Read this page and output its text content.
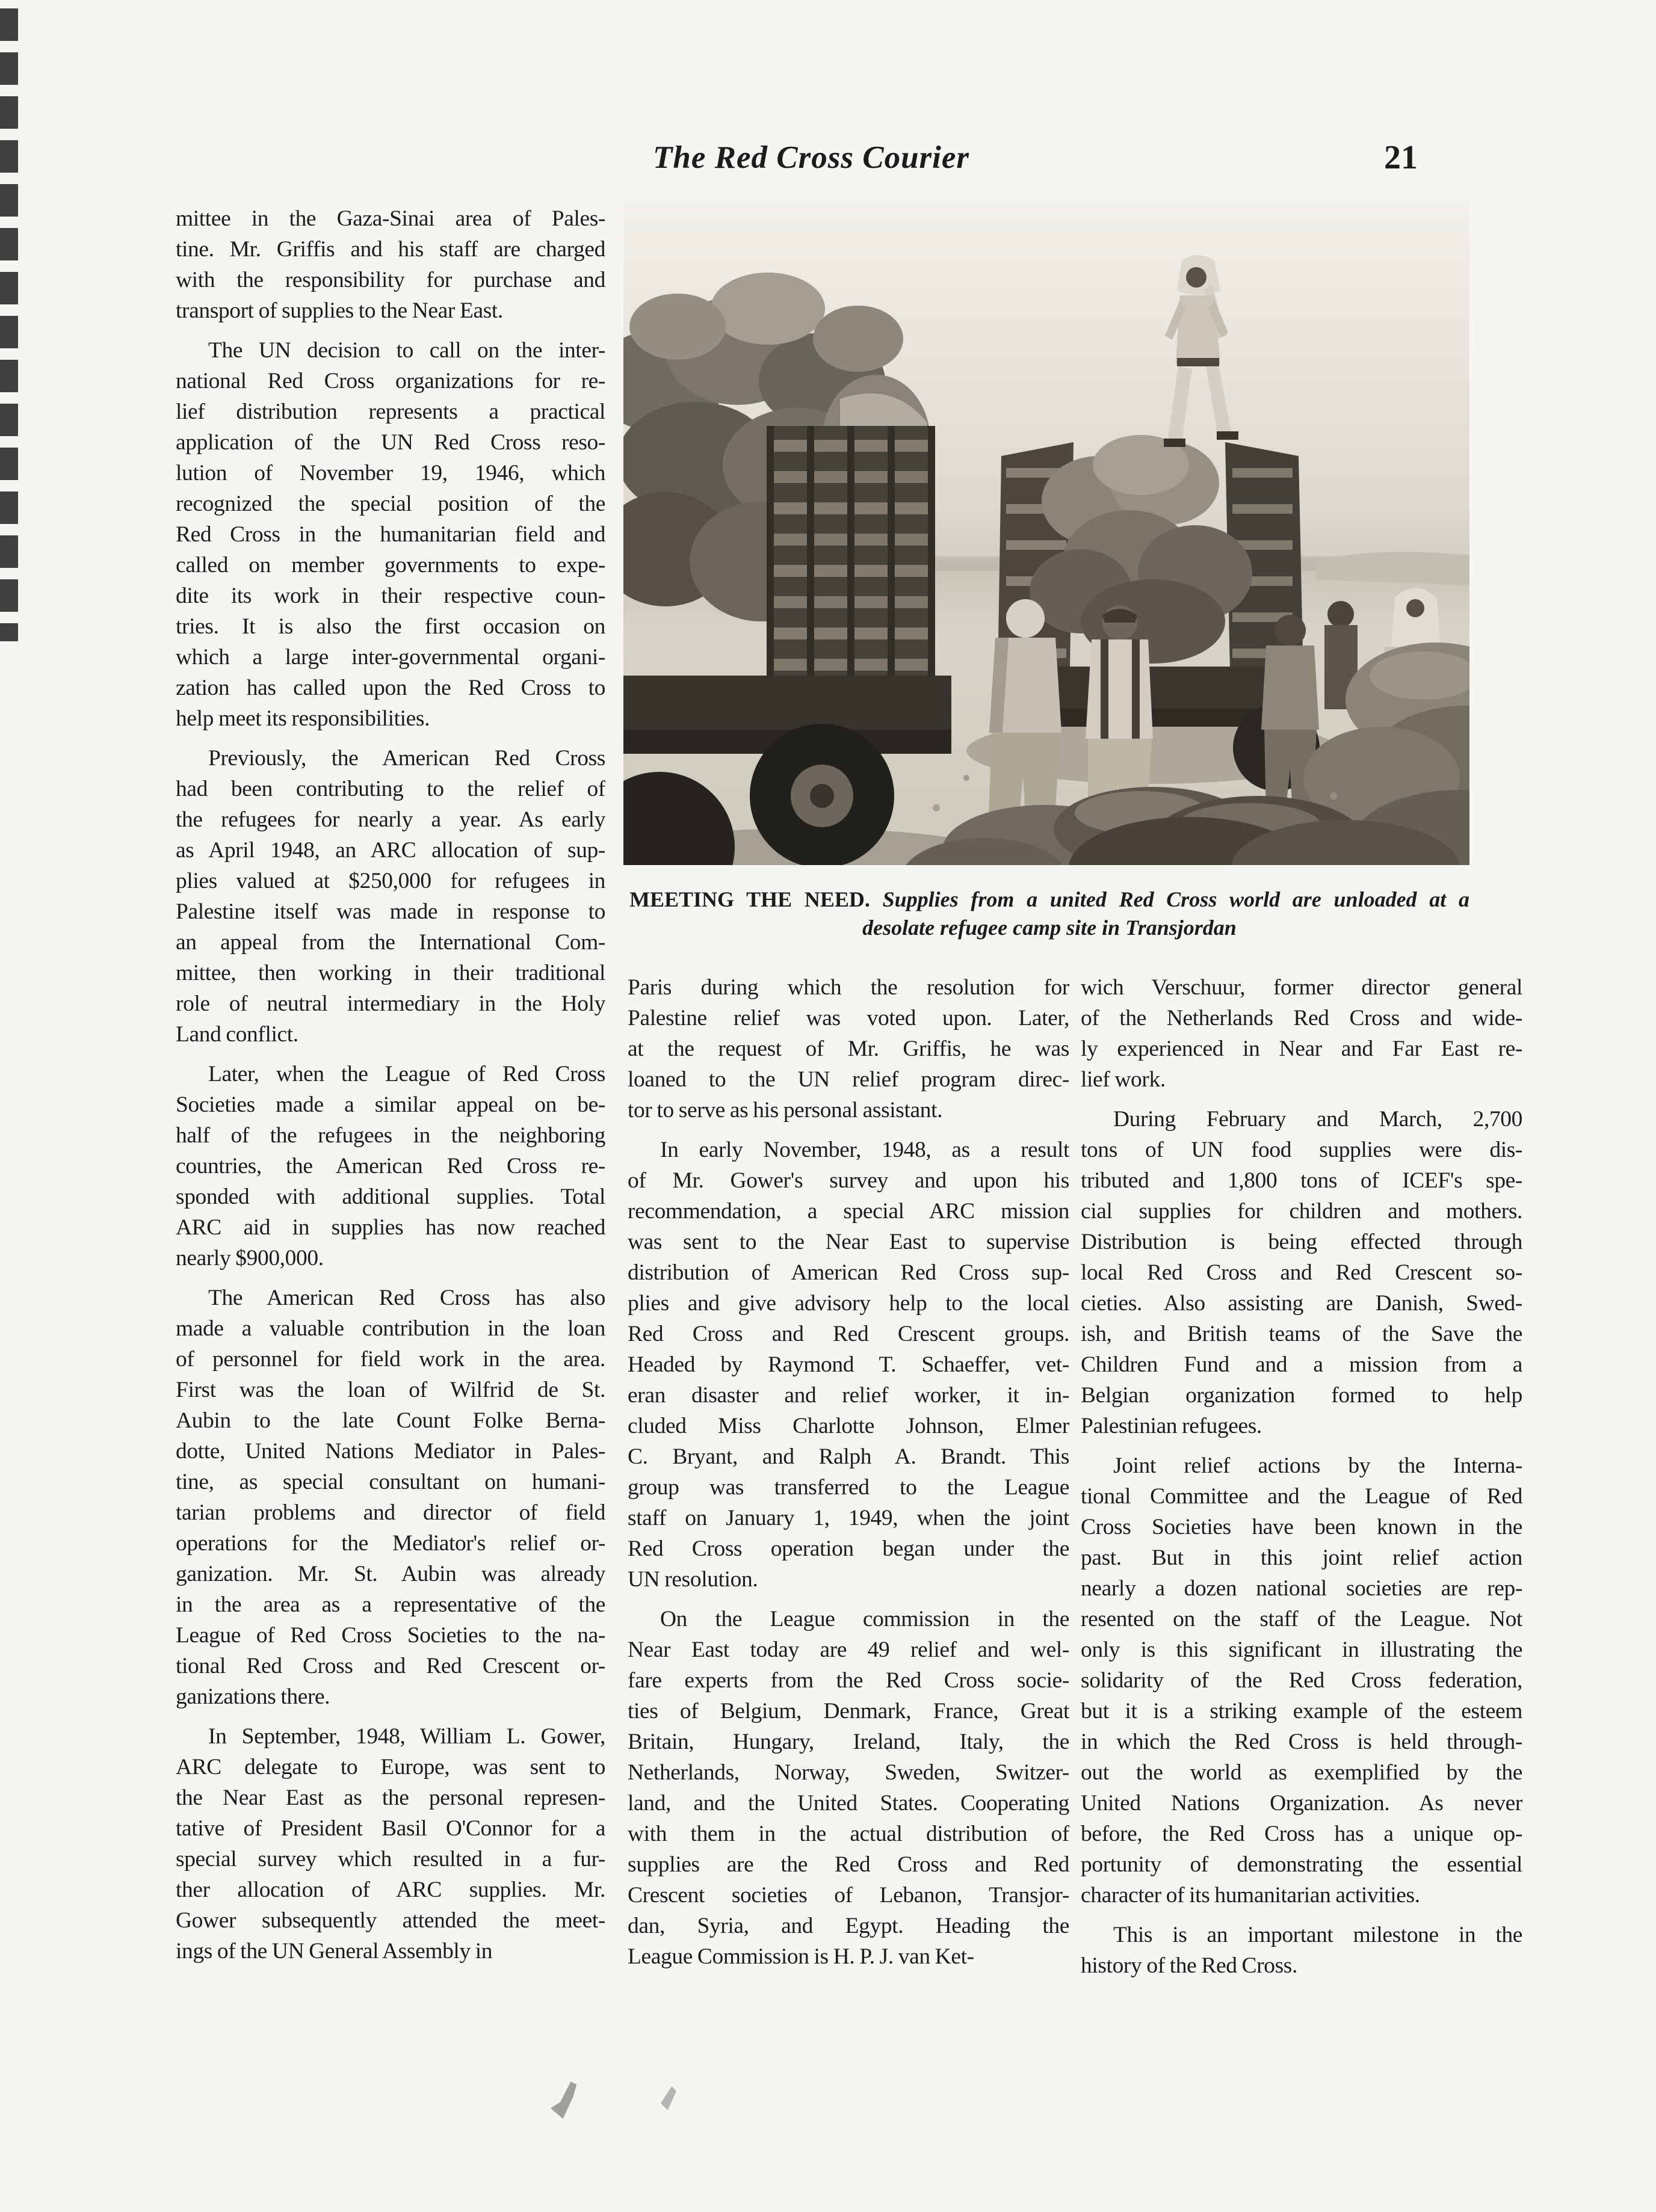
The Red Cross Courier	21
MEETING THE NEED. Supplies from a united Red Cross world are unloaded at a
desolate refugee camp site in Transjordan
mittee in the Gaza-Sinai area of Pales-
tine. Mr. Griffis and his staff are charged
with the responsibility for purchase and
transport of supplies to the Near East.
The UN decision to call on the inter-
national Red Cross organizations for re-
lief distribution represents a practical
application of the UN Red Cross reso-
lution of November 19, 1946, which
recognized the special position of the
Red Cross in the humanitarian field and
called on member governments to expe-
dite its work in their respective coun-
tries. It is also the first occasion on
which a large inter-governmental organi-
zation has called upon the Red Cross to
help meet its responsibilities.
Previously, the American Red Cross
had been contributing to the relief of
the refugees for nearly a year. As early
as April 1948, an ARC allocation of sup-
plies valued at $250,000 for refugees in
Palestine itself was made in response to
an appeal from the International Com-
mittee, then working in their traditional
role of neutral intermediary in the Holy
Land conflict.
Later, when the League of Red Cross
Societies made a similar appeal on be-
half of the refugees in the neighboring
countries, the American Red Cross re-
sponded with additional supplies. Total
ARC aid in supplies has now reached
nearly $900,000.
The American Red Cross has also
made a valuable contribution in the loan
of personnel for field work in the area.
First was the loan of Wilfrid de St.
Aubin to the late Count Folke Berna-
dotte, United Nations Mediator in Pales-
tine, as special consultant on humani-
tarian problems and director of field
operations for the Mediator's relief or-
ganization. Mr. St. Aubin was already
in the area as a representative of the
League of Red Cross Societies to the na-
tional Red Cross and Red Crescent or-
ganizations there.
In September, 1948, William L. Gower,
ARC delegate to Europe, was sent to
the Near East as the personal represen-
tative of President Basil O'Connor for a
special survey which resulted in a fur-
ther allocation of ARC supplies. Mr.
Gower subsequently attended the meet-
ings of the UN General Assembly in
Paris during which the resolution for
Palestine relief was voted upon. Later,
at the request of Mr. Griffis, he was
loaned to the UN relief program direc-
tor to serve as his personal assistant.
In early November, 1948, as a result
of Mr. Gower's survey and upon his
recommendation, a special ARC mission
was sent to the Near East to supervise
distribution of American Red Cross sup-
plies and give advisory help to the local
Red Cross and Red Crescent groups.
Headed by Raymond T. Schaeffer, vet-
eran disaster and relief worker, it in-
cluded Miss Charlotte Johnson, Elmer
C. Bryant, and Ralph A. Brandt. This
group was transferred to the League
staff on January 1, 1949, when the joint
Red Cross operation began under the
UN resolution.
On the League commission in the
Near East today are 49 relief and wel-
fare experts from the Red Cross socie-
ties of Belgium, Denmark, France, Great
Britain, Hungary, Ireland, Italy, the
Netherlands, Norway, Sweden, Switzer-
land, and the United States. Cooperating
with them in the actual distribution of
supplies are the Red Cross and Red
Crescent societies of Lebanon, Transjor-
dan, Syria, and Egypt. Heading the
League Commission is H. P. J. van Ket-
wich Verschuur, former director general
of the Netherlands Red Cross and wide-
ly experienced in Near and Far East re-
lief work.
During February and March, 2,700
tons of UN food supplies were dis-
tributed and 1,800 tons of ICEF's spe-
cial supplies for children and mothers.
Distribution is being effected through
local Red Cross and Red Crescent so-
cieties. Also assisting are Danish, Swed-
ish, and British teams of the Save the
Children Fund and a mission from a
Belgian organization formed to help
Palestinian refugees.
Joint relief actions by the Interna-
tional Committee and the League of Red
Cross Societies have been known in the
past. But in this joint relief action
nearly a dozen national societies are rep-
resented on the staff of the League. Not
only is this significant in illustrating the
solidarity of the Red Cross federation,
but it is a striking example of the esteem
in which the Red Cross is held through-
out the world as exemplified by the
United Nations Organization. As never
before, the Red Cross has a unique op-
portunity of demonstrating the essential
character of its humanitarian activities.
This is an important milestone in the
history of the Red Cross.
